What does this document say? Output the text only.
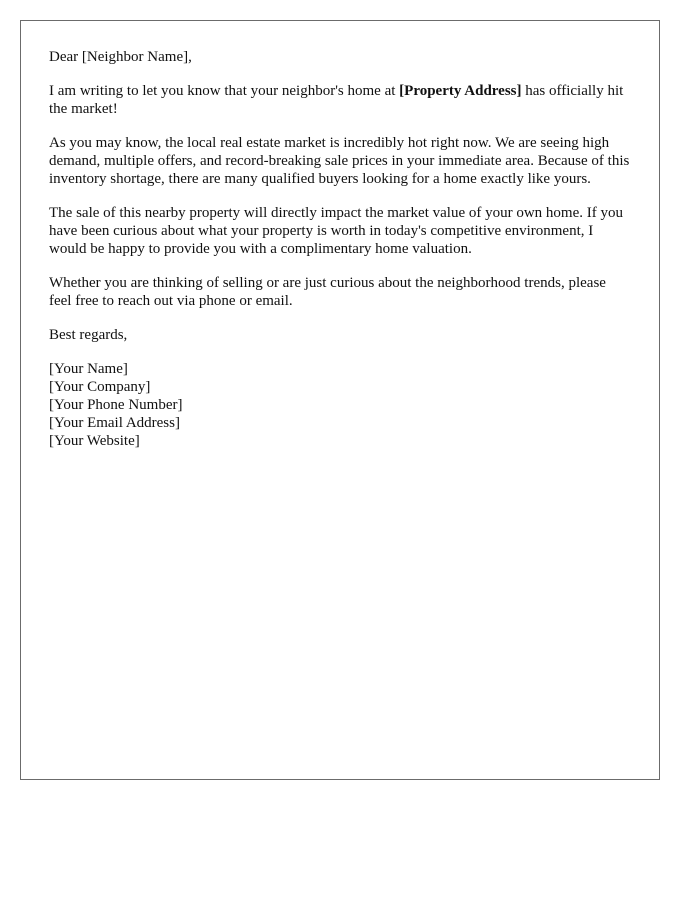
Dear [Neighbor Name],

I am writing to let you know that your neighbor's home at [Property Address] has officially hit the market!

As you may know, the local real estate market is incredibly hot right now. We are seeing high demand, multiple offers, and record-breaking sale prices in your immediate area. Because of this inventory shortage, there are many qualified buyers looking for a home exactly like yours.

The sale of this nearby property will directly impact the market value of your own home. If you have been curious about what your property is worth in today's competitive environment, I would be happy to provide you with a complimentary home valuation.

Whether you are thinking of selling or are just curious about the neighborhood trends, please feel free to reach out via phone or email.

Best regards,

[Your Name]
[Your Company]
[Your Phone Number]
[Your Email Address]
[Your Website]
